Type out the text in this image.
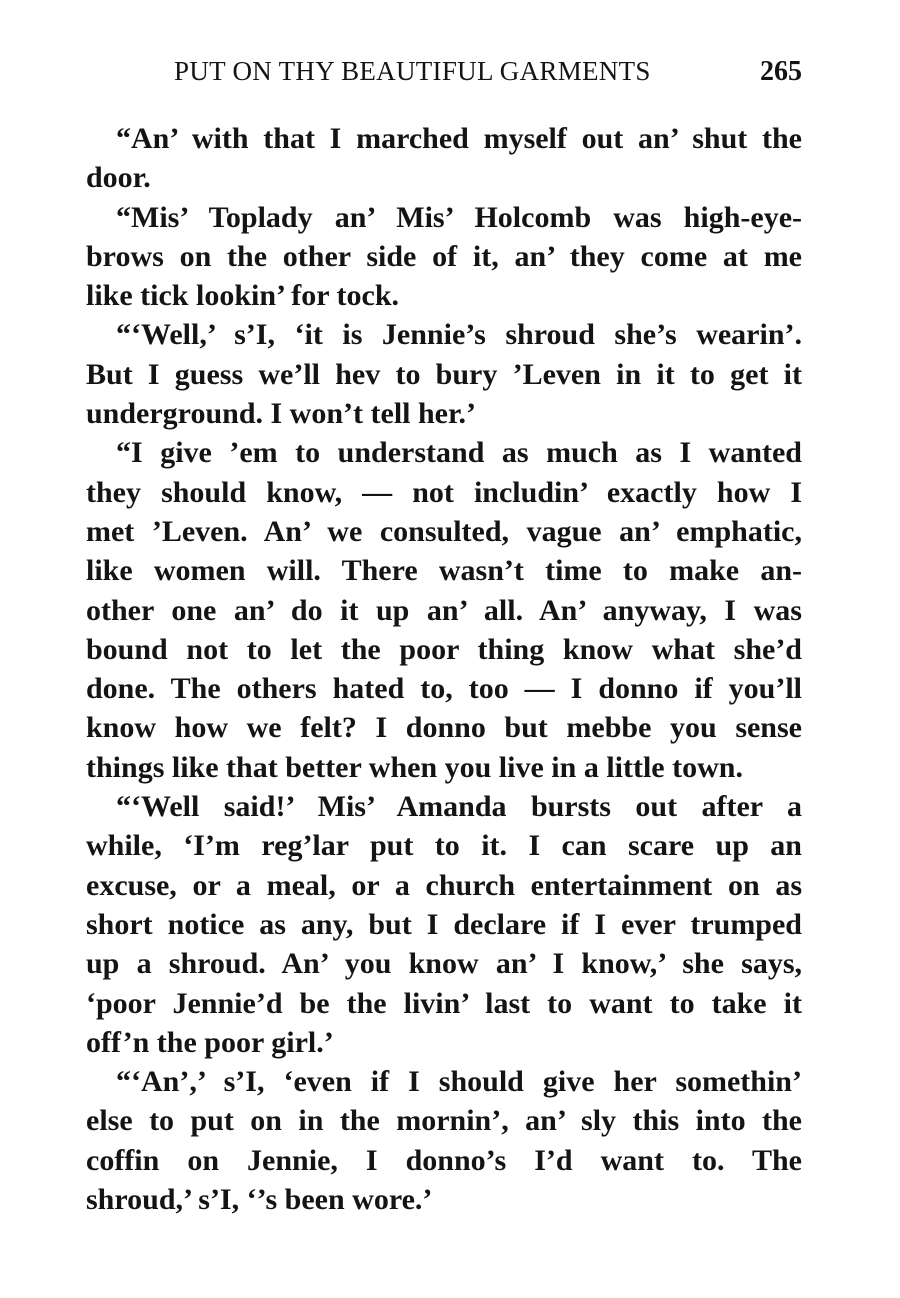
PUT ON THY BEAUTIFUL GARMENTS	265
“An’ with that I marched myself out an’ shut the
door.
“Mis’ Toplady an’ Mis’ Holcomb was high-eye-
brows on the other side of it, an’ they come at me
like tick lookin’ for tock.
“‘Well,’ s’I, ‘it is Jennie’s shroud she’s wearin’.
But I guess we’ll hev to bury ’Leven in it to get it
underground. I won’t tell her.’
“I give ’em to understand as much as I wanted
they should know, — not includin’ exactly how I
met ’Leven. An’ we consulted, vague an’ emphatic,
like women will. There wasn’t time to make an-
other one an’ do it up an’ all. An’ anyway, I was
bound not to let the poor thing know what she’d
done. The others hated to, too — I donno if you’ll
know how we felt? I donno but mebbe you sense
things like that better when you live in a little town.
“‘Well said!’ Mis’ Amanda bursts out after a
while, ‘I’m reg’lar put to it. I can scare up an
excuse, or a meal, or a church entertainment on as
short notice as any, but I declare if I ever trumped
up a shroud. An’ you know an’ I know,’ she says,
‘poor Jennie’d be the livin’ last to want to take it
off’n the poor girl.’
“‘An’,’ s’I, ‘even if I should give her somethin’
else to put on in the mornin’, an’ sly this into the
coffin on Jennie, I donno’s I’d want to. The
shroud,’ s’I, ‘’s been wore.’
